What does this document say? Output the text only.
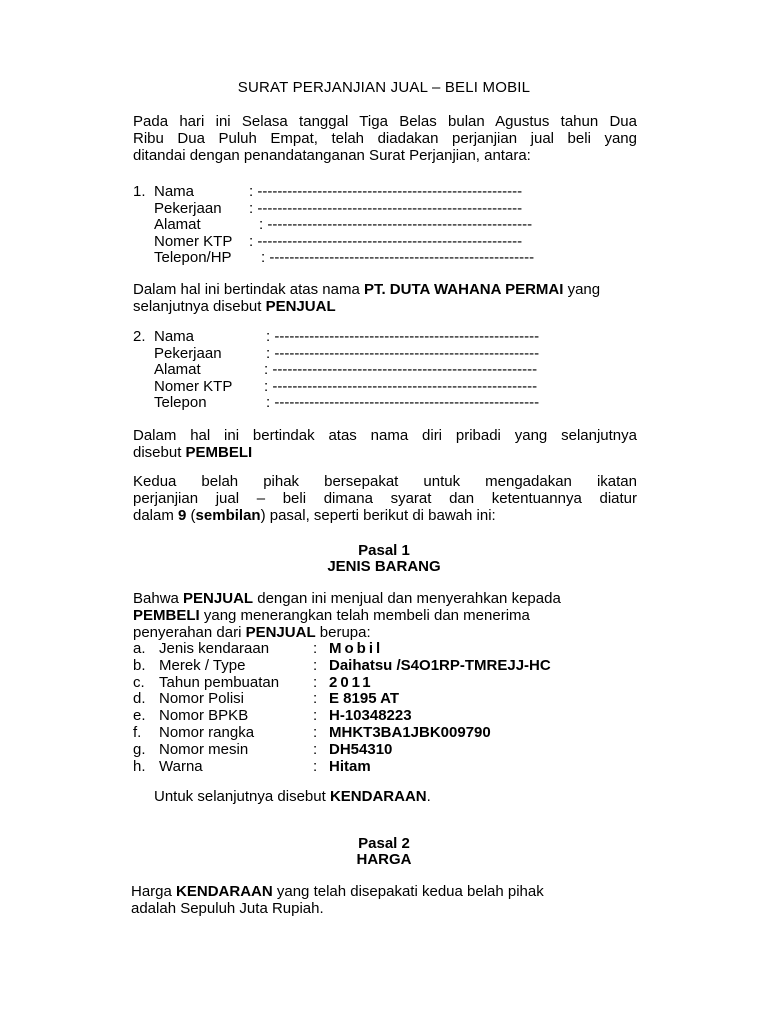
SURAT PERJANJIAN JUAL – BELI MOBIL
Pada hari ini Selasa tanggal Tiga Belas bulan Agustus tahun Dua
Ribu Dua Puluh Empat, telah diadakan perjanjian jual beli yang
ditandai dengan penandatanganan Surat Perjanjian, antara:
1. Nama	: -----------------------------------------------------
Pekerjaan : -----------------------------------------------------
Alamat	: -----------------------------------------------------
Nomer KTP : -----------------------------------------------------
Telepon/HP : -----------------------------------------------------
Dalam hal ini bertindak atas nama PT. DUTA WAHANA PERMAI yang
selanjutnya disebut PENJUAL
2. Nama	: -----------------------------------------------------
Pekerjaan	: -----------------------------------------------------
Alamat	: -----------------------------------------------------
Nomer KTP : -----------------------------------------------------
Telepon	: -----------------------------------------------------
Dalam hal ini bertindak atas nama diri pribadi yang selanjutnya
disebut PEMBELI
Kedua belah pihak bersepakat untuk mengadakan ikatan
perjanjian jual – beli dimana syarat dan ketentuannya diatur
dalam 9 (sembilan) pasal, seperti berikut di bawah ini:
Pasal 1
JENIS BARANG
Bahwa PENJUAL dengan ini menjual dan menyerahkan kepada
PEMBELI yang menerangkan telah membeli dan menerima
penyerahan dari PENJUAL berupa:
a. Jenis kendaraan	: Mobil
b. Merek / Type	: Daihatsu /S4O1RP-TMREJJ-HC
c. Tahun pembuatan : 2011
d. Nomor Polisi	: E 8195 AT
e. Nomor BPKB	: H-10348223
f. Nomor rangka	: MHKT3BA1JBK009790
g. Nomor mesin	: DH54310
h. Warna	: Hitam
Untuk selanjutnya disebut KENDARAAN.
Pasal 2
HARGA
Harga KENDARAAN yang telah disepakati kedua belah pihak
adalah Sepuluh Juta Rupiah.
